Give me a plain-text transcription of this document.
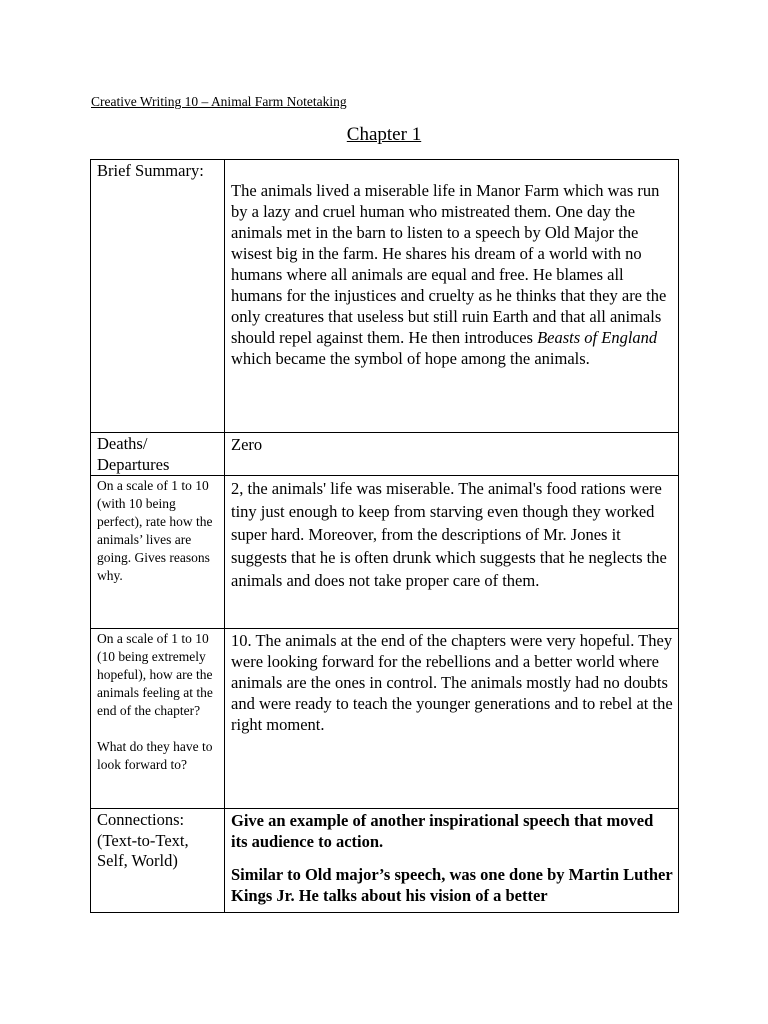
Creative Writing 10 – Animal Farm Notetaking
Chapter 1
Brief Summary:	The animals lived a miserable life in Manor Farm which was run by a lazy and cruel human who mistreated them. One day the animals met in the barn to listen to a speech by Old Major the wisest big in the farm. He shares his dream of a world with no humans where all animals are equal and free. He blames all humans for the injustices and cruelty as he thinks that they are the only creatures that useless but still ruin Earth and that all animals should repel against them. He then introduces Beasts of England which became the symbol of hope among the animals.

Deaths/ Departures	Zero

On a scale of 1 to 10 (with 10 being perfect), rate how the animals’ lives are going. Gives reasons why.	2, the animals' life was miserable. The animal's food rations were tiny just enough to keep from starving even though they worked super hard. Moreover, from the descriptions of Mr. Jones it suggests that he is often drunk which suggests that he neglects the animals and does not take proper care of them.

On a scale of 1 to 10 (10 being extremely hopeful), how are the animals feeling at the end of the chapter?
What do they have to look forward to?	10. The animals at the end of the chapters were very hopeful. They were looking forward for the rebellions and a better world where animals are the ones in control. The animals mostly had no doubts and were ready to teach the younger generations and to rebel at the right moment.

Connections: (Text-to-Text, Self, World)	Give an example of another inspirational speech that moved its audience to action.
Similar to Old major’s speech, was one done by Martin Luther Kings Jr. He talks about his vision of a better
